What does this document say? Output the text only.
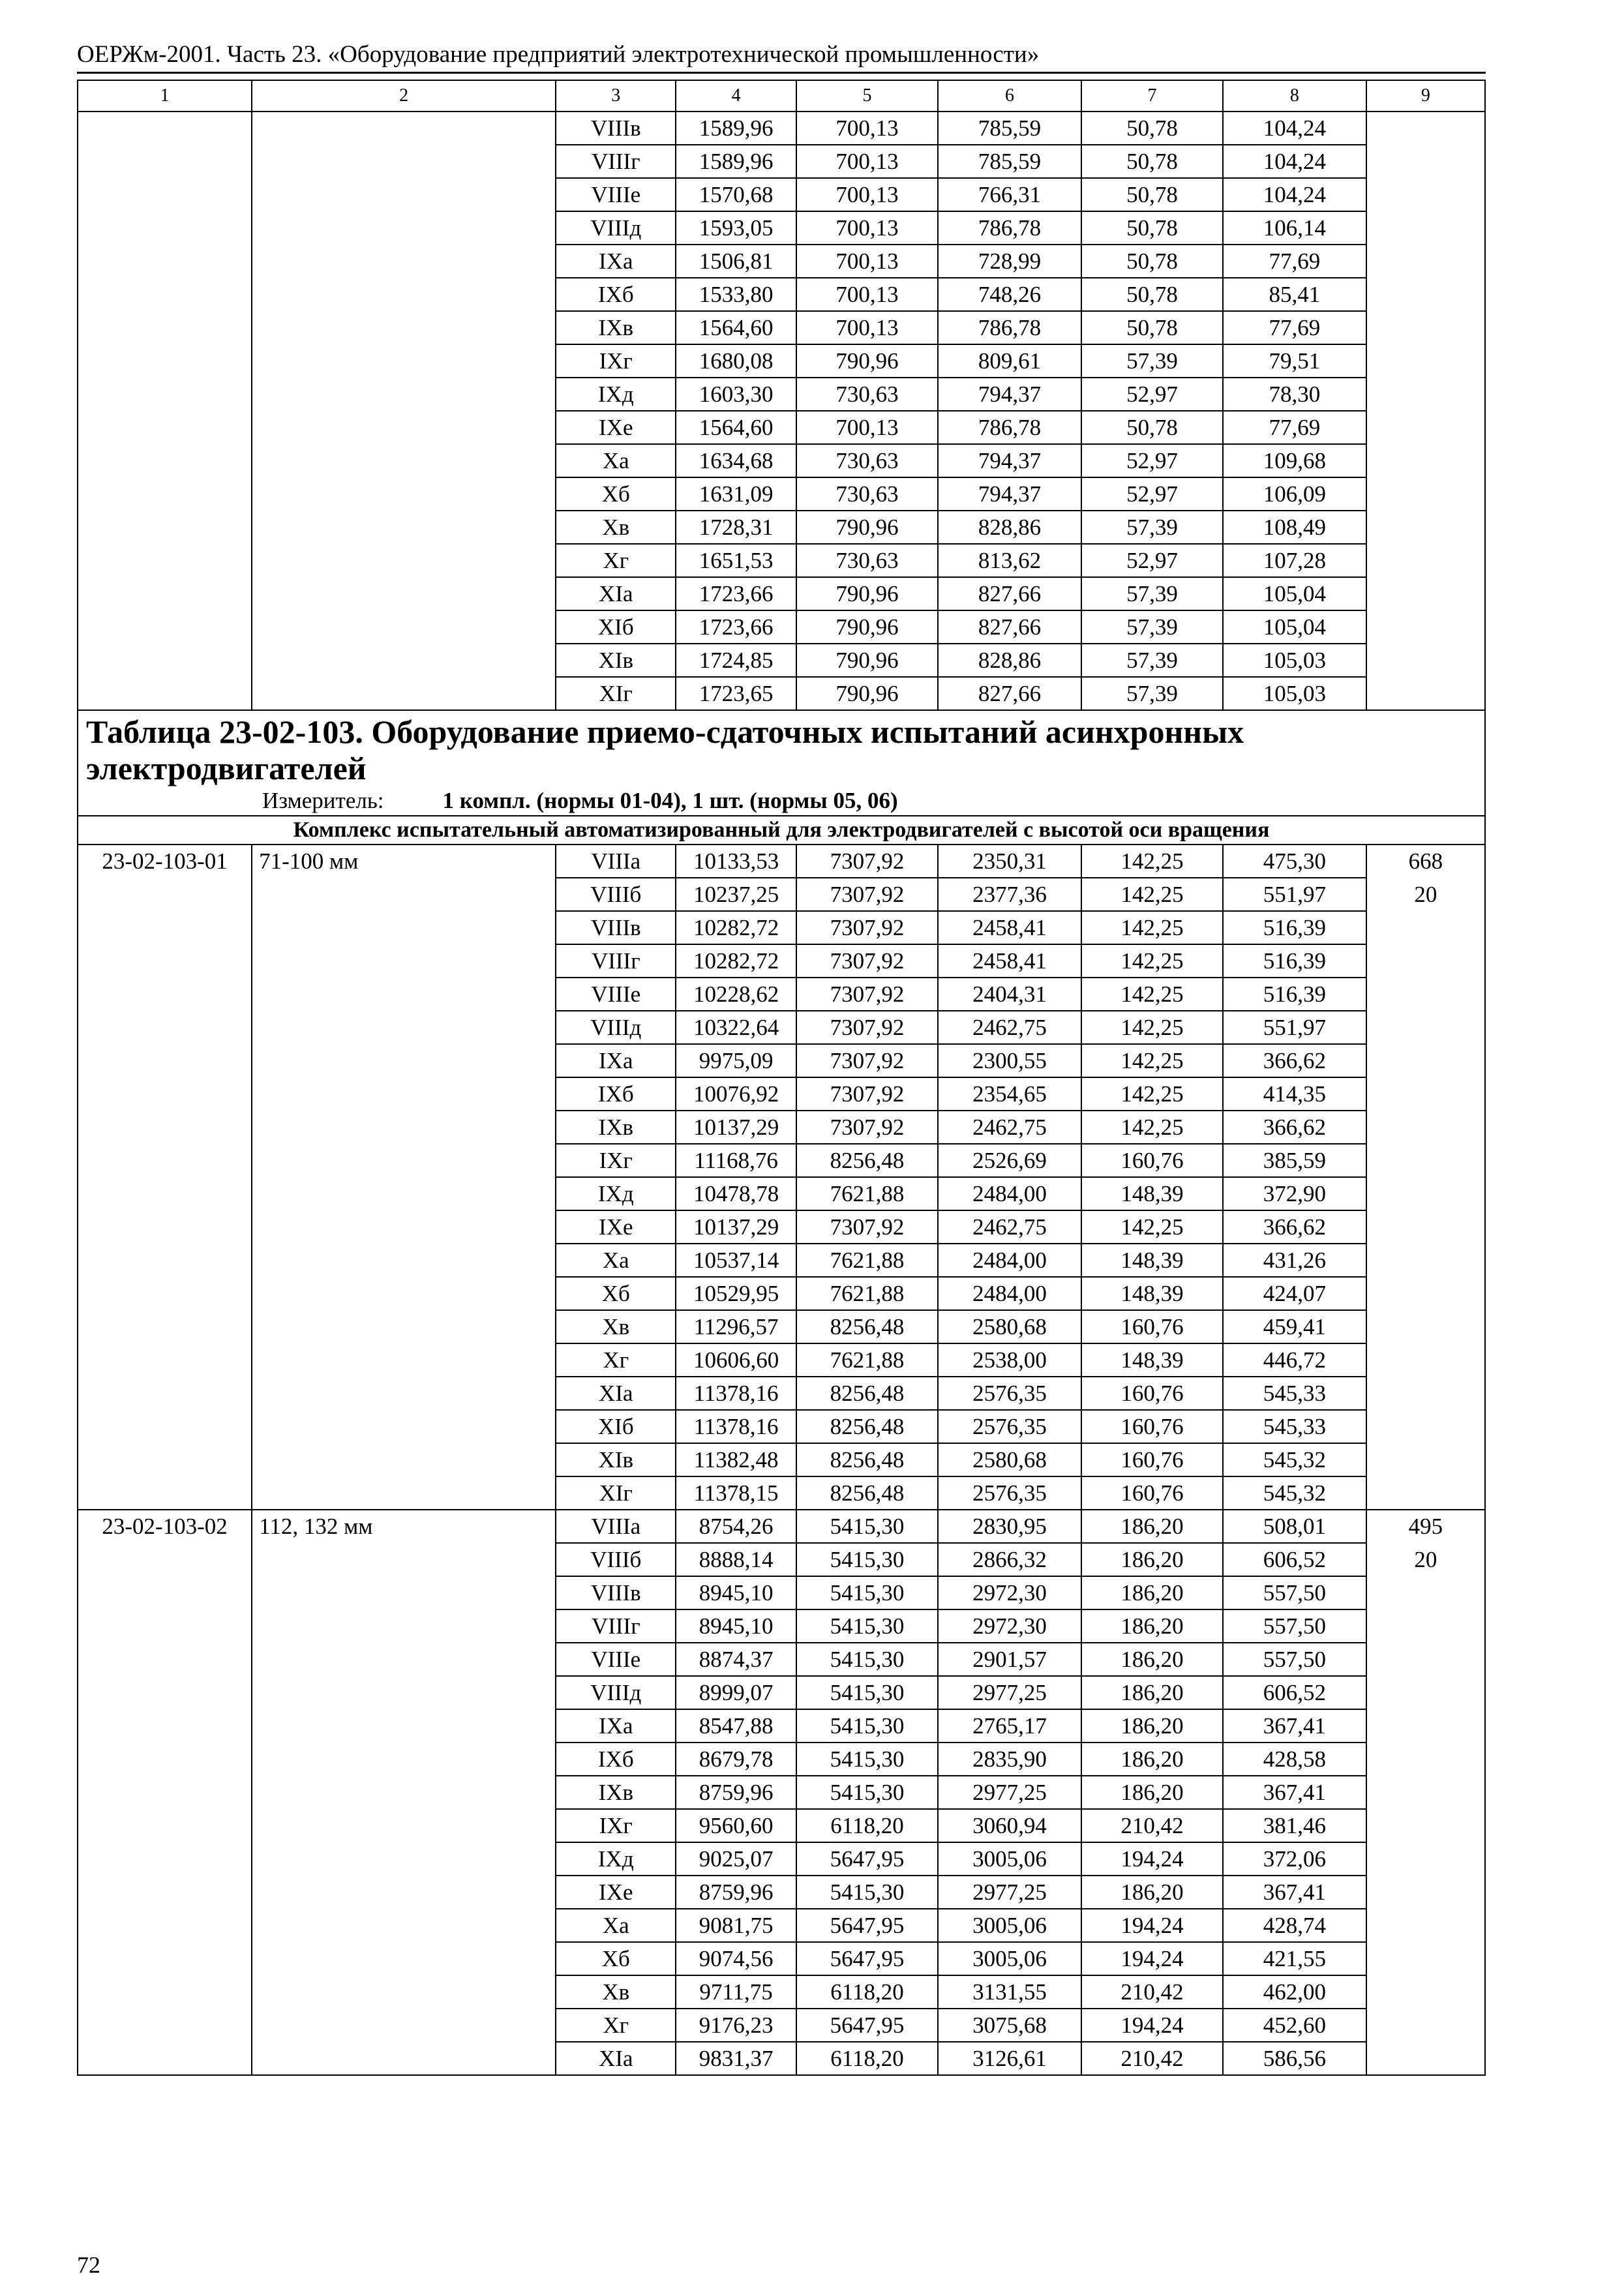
ОЕРЖм-2001. Часть 23. «Оборудование предприятий электротехнической промышленности»
1	2	3	4	5	6	7	8	9
		VIIIв	1589,96	700,13	785,59	50,78	104,24	
		VIIIг	1589,96	700,13	785,59	50,78	104,24	
		VIIIе	1570,68	700,13	766,31	50,78	104,24	
		VIIIд	1593,05	700,13	786,78	50,78	106,14	
		IXа	1506,81	700,13	728,99	50,78	77,69	
		IXб	1533,80	700,13	748,26	50,78	85,41	
		IXв	1564,60	700,13	786,78	50,78	77,69	
		IXг	1680,08	790,96	809,61	57,39	79,51	
		IXд	1603,30	730,63	794,37	52,97	78,30	
		IXе	1564,60	700,13	786,78	50,78	77,69	
		Xа	1634,68	730,63	794,37	52,97	109,68	
		Xб	1631,09	730,63	794,37	52,97	106,09	
		Xв	1728,31	790,96	828,86	57,39	108,49	
		Xг	1651,53	730,63	813,62	52,97	107,28	
		XIа	1723,66	790,96	827,66	57,39	105,04	
		XIб	1723,66	790,96	827,66	57,39	105,04	
		XIв	1724,85	790,96	828,86	57,39	105,03	
		XIг	1723,65	790,96	827,66	57,39	105,03	
Таблица 23-02-103. Оборудование приемо-сдаточных испытаний асинхронных электродвигателей
Измеритель: 1 компл. (нормы 01-04), 1 шт. (нормы 05, 06)								

Комплекс испытательный автоматизированный для электродвигателей с высотой оси вращения								
23-02-103-01	71-100 мм	VIIIа	10133,53	7307,92	2350,31	142,25	475,30	668
		VIIIб	10237,25	7307,92	2377,36	142,25	551,97	20
		VIIIв	10282,72	7307,92	2458,41	142,25	516,39	
		VIIIг	10282,72	7307,92	2458,41	142,25	516,39	
		VIIIе	10228,62	7307,92	2404,31	142,25	516,39	
		VIIIд	10322,64	7307,92	2462,75	142,25	551,97	
		IXа	9975,09	7307,92	2300,55	142,25	366,62	
		IXб	10076,92	7307,92	2354,65	142,25	414,35	
		IXв	10137,29	7307,92	2462,75	142,25	366,62	
		IXг	11168,76	8256,48	2526,69	160,76	385,59	
		IXд	10478,78	7621,88	2484,00	148,39	372,90	
		IXе	10137,29	7307,92	2462,75	142,25	366,62	
		Xа	10537,14	7621,88	2484,00	148,39	431,26	
		Xб	10529,95	7621,88	2484,00	148,39	424,07	
		Xв	11296,57	8256,48	2580,68	160,76	459,41	
		Xг	10606,60	7621,88	2538,00	148,39	446,72	
		XIа	11378,16	8256,48	2576,35	160,76	545,33	
		XIб	11378,16	8256,48	2576,35	160,76	545,33	
		XIв	11382,48	8256,48	2580,68	160,76	545,32	
		XIг	11378,15	8256,48	2576,35	160,76	545,32	
23-02-103-02	112, 132 мм	VIIIа	8754,26	5415,30	2830,95	186,20	508,01	495
		VIIIб	8888,14	5415,30	2866,32	186,20	606,52	20
		VIIIв	8945,10	5415,30	2972,30	186,20	557,50	
		VIIIг	8945,10	5415,30	2972,30	186,20	557,50	
		VIIIе	8874,37	5415,30	2901,57	186,20	557,50	
		VIIIд	8999,07	5415,30	2977,25	186,20	606,52	
		IXа	8547,88	5415,30	2765,17	186,20	367,41	
		IXб	8679,78	5415,30	2835,90	186,20	428,58	
		IXв	8759,96	5415,30	2977,25	186,20	367,41	
		IXг	9560,60	6118,20	3060,94	210,42	381,46	
		IXд	9025,07	5647,95	3005,06	194,24	372,06	
		IXе	8759,96	5415,30	2977,25	186,20	367,41	
		Xа	9081,75	5647,95	3005,06	194,24	428,74	
		Xб	9074,56	5647,95	3005,06	194,24	421,55	
		Xв	9711,75	6118,20	3131,55	210,42	462,00	
		Xг	9176,23	5647,95	3075,68	194,24	452,60	
		XIа	9831,37	6118,20	3126,61	210,42	586,56	
72
